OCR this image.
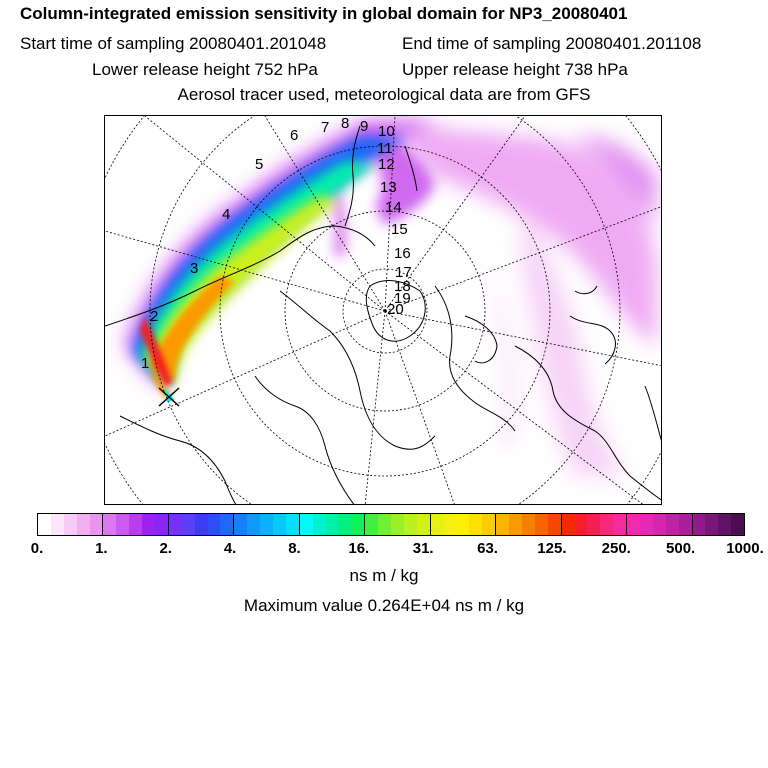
Column-integrated emission sensitivity in global domain for NP3_20080401
Start time of sampling 20080401.201048	End time of sampling 20080401.201108
Lower release height 752 hPa	Upper release height 738 hPa
Aerosol tracer used, meteorological data are from GFS
1
2
3
4
5
6 7 8 9 10
11
12
13
14
15
16
17
18
19
20
0.	1.	2.	4.	8.	16.	31.	63.	125. 250. 500. 1000.
ns m / kg
Maximum value 0.264E+04 ns m / kg
